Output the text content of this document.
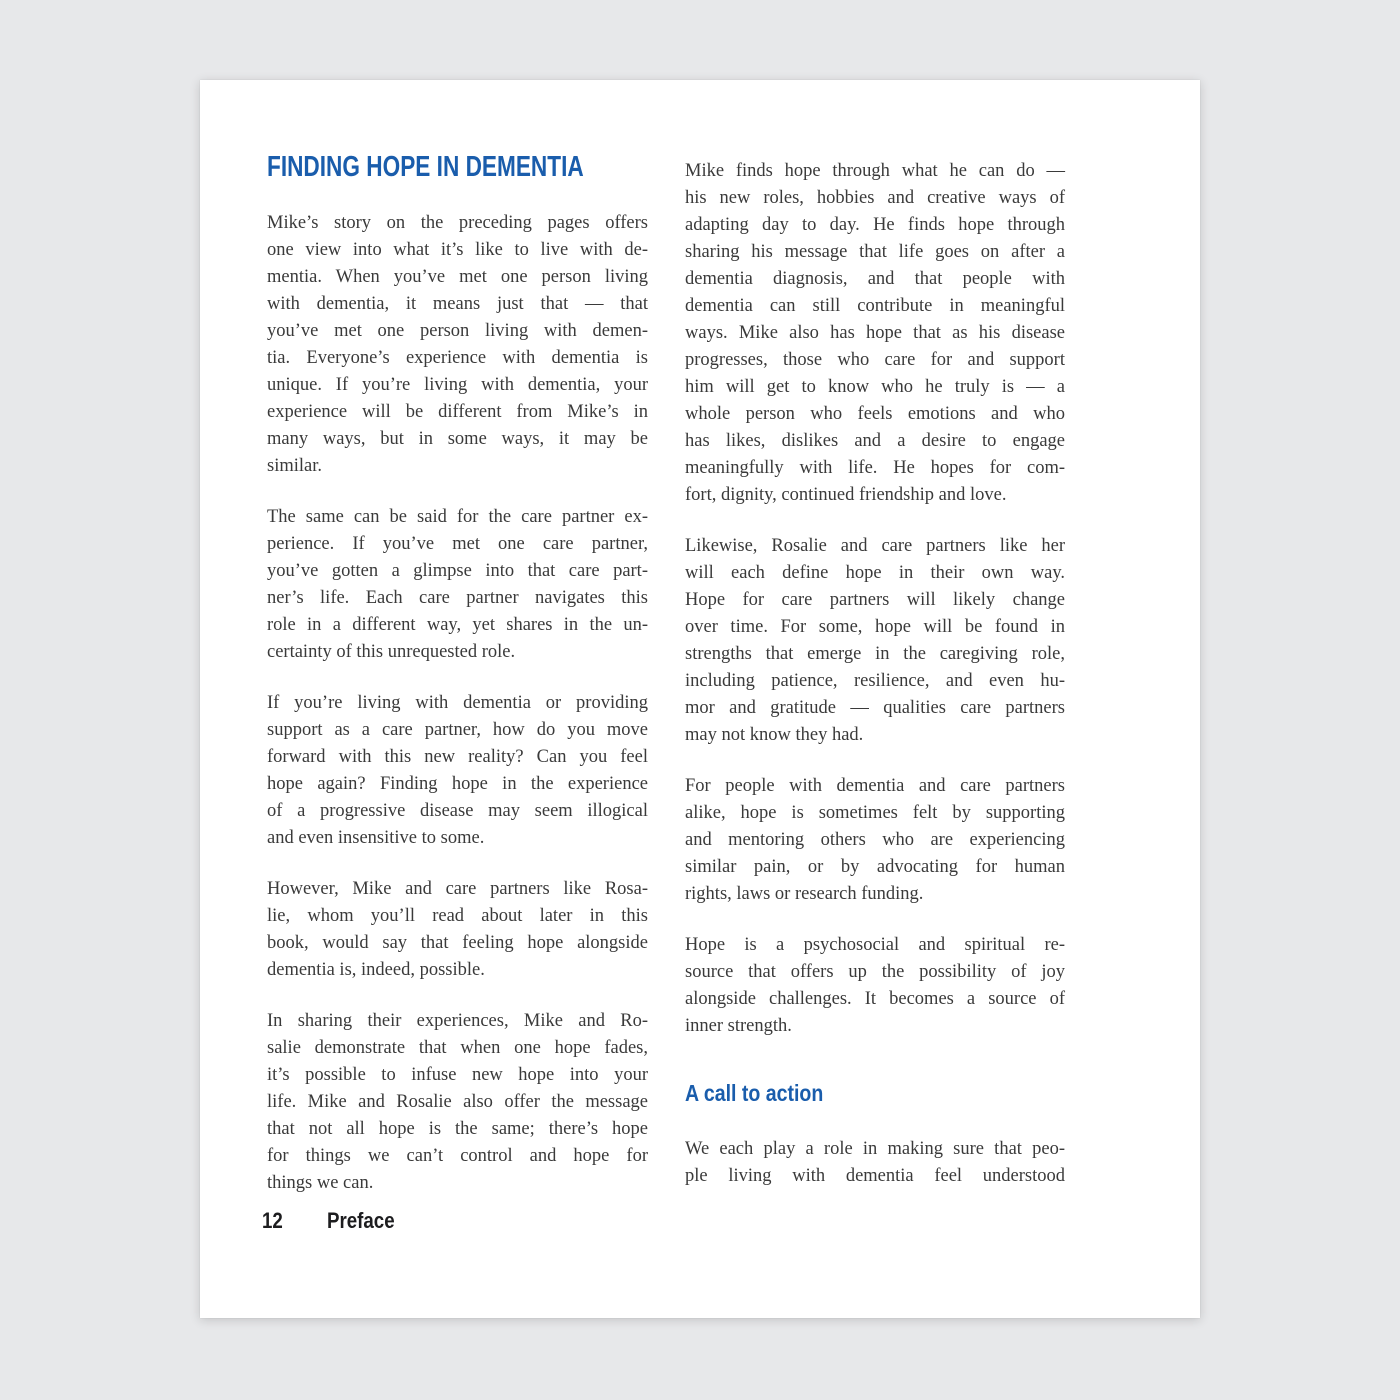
FINDING HOPE IN DEMENTIA
Mike’s story on the preceding pages offers
one view into what it’s like to live with de-
mentia. When you’ve met one person living
with dementia, it means just that — that
you’ve met one person living with demen-
tia. Everyone’s experience with dementia is
unique. If you’re living with dementia, your
experience will be different from Mike’s in
many ways, but in some ways, it may be
similar.
The same can be said for the care partner ex-
perience. If you’ve met one care partner,
you’ve gotten a glimpse into that care part-
ner’s life. Each care partner navigates this
role in a different way, yet shares in the un-
certainty of this unrequested role.
If you’re living with dementia or providing
support as a care partner, how do you move
forward with this new reality? Can you feel
hope again? Finding hope in the experience
of a progressive disease may seem illogical
and even insensitive to some.
However, Mike and care partners like Rosa-
lie, whom you’ll read about later in this
book, would say that feeling hope alongside
dementia is, indeed, possible.
In sharing their experiences, Mike and Ro-
salie demonstrate that when one hope fades,
it’s possible to infuse new hope into your
life. Mike and Rosalie also offer the message
that not all hope is the same; there’s hope
for things we can’t control and hope for
things we can.
Mike finds hope through what he can do —
his new roles, hobbies and creative ways of
adapting day to day. He finds hope through
sharing his message that life goes on after a
dementia diagnosis, and that people with
dementia can still contribute in meaningful
ways. Mike also has hope that as his disease
progresses, those who care for and support
him will get to know who he truly is — a
whole person who feels emotions and who
has likes, dislikes and a desire to engage
meaningfully with life. He hopes for com-
fort, dignity, continued friendship and love.
Likewise, Rosalie and care partners like her
will each define hope in their own way.
Hope for care partners will likely change
over time. For some, hope will be found in
strengths that emerge in the caregiving role,
including patience, resilience, and even hu-
mor and gratitude — qualities care partners
may not know they had.
For people with dementia and care partners
alike, hope is sometimes felt by supporting
and mentoring others who are experiencing
similar pain, or by advocating for human
rights, laws or research funding.
Hope is a psychosocial and spiritual re-
source that offers up the possibility of joy
alongside challenges. It becomes a source of
inner strength.
A call to action
We each play a role in making sure that peo-
ple living with dementia feel understood
12 Preface
